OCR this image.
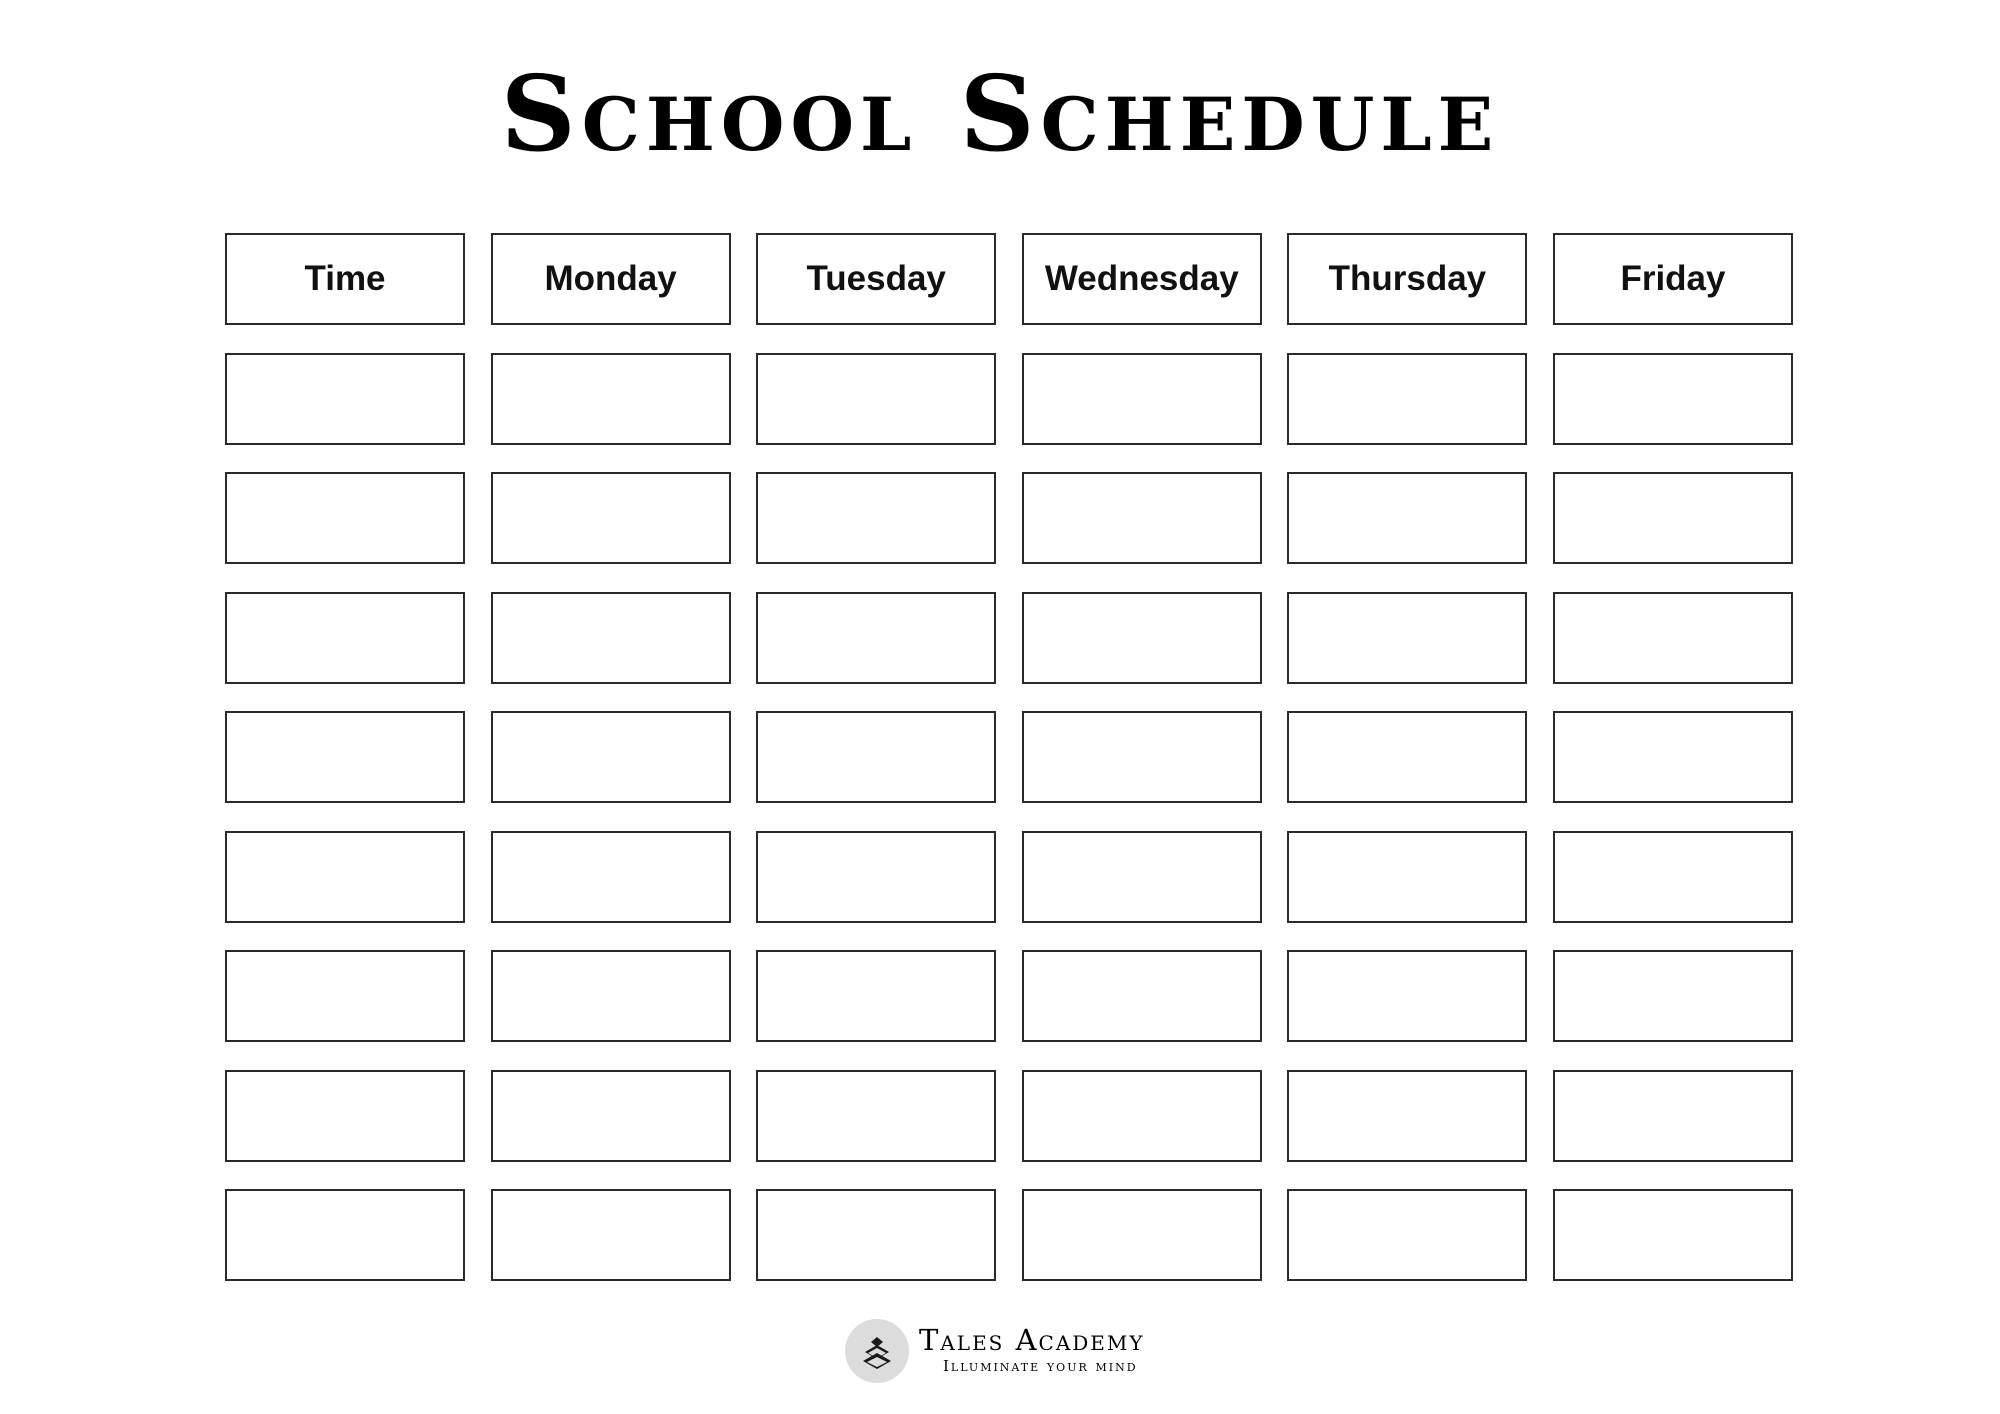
School Schedule
Time	Monday	Tuesday	Wednesday	Thursday	Friday
Tales Academy
Illuminate your mind
